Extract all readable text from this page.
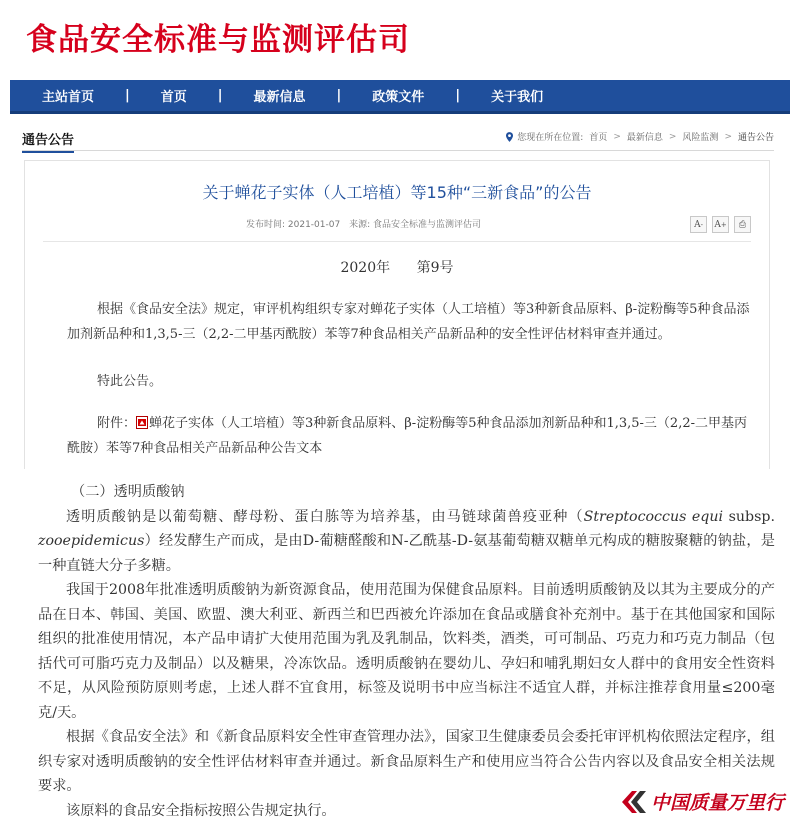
食品安全标准与监测评估司
主站首页 | 首页 | 最新信息 | 政策文件 | 关于我们
通告公告	您现在所在位置: 首页 > 最新信息 > 风险监测 > 通告公告
关于蝉花子实体（人工培植）等15种“三新食品”的公告
发布时间: 2021-01-07 来源: 食品安全标准与监测评估司	A - A + ⎙
2020年 第9号
根据《食品安全法》规定，审评机构组织专家对蝉花子实体（人工培植）等3种新食品原料、β-淀粉酶等5种食品添加剂新品种和1,3,5-三（2,2-二甲基丙酰胺）苯等7种食品相关产品新品种的安全性评估材料审查并通过。
特此公告。
附件： 蝉花子实体（人工培植）等3种新食品原料、β-淀粉酶等5种食品添加剂新品种和1,3,5-三（2,2-二甲基丙酰胺）苯等7种食品相关产品新品种公告文本
（二）透明质酸钠
透明质酸钠是以葡萄糖、酵母粉、蛋白胨等为培养基，由马链球菌兽疫亚种（Streptococcus equi subsp. zooepidemicus）经发酵生产而成，是由D-葡糖醛酸和N-乙酰基-D-氨基葡萄糖双糖单元构成的糖胺聚糖的钠盐，是一种直链大分子多糖。
我国于2008年批准透明质酸钠为新资源食品，使用范围为保健食品原料。目前透明质酸钠及以其为主要成分的产品在日本、韩国、美国、欧盟、澳大利亚、新西兰和巴西被允许添加在食品或膳食补充剂中。基于在其他国家和国际组织的批准使用情况，本产品申请扩大使用范围为乳及乳制品，饮料类，酒类，可可制品、巧克力和巧克力制品（包括代可可脂巧克力及制品）以及糖果，冷冻饮品。透明质酸钠在婴幼儿、孕妇和哺乳期妇女人群中的食用安全性资料不足，从风险预防原则考虑，上述人群不宜食用，标签及说明书中应当标注不适宜人群，并标注推荐食用量≤200毫克/天。
根据《食品安全法》和《新食品原料安全性审查管理办法》，国家卫生健康委员会委托审评机构依照法定程序，组织专家对透明质酸钠的安全性评估材料审查并通过。新食品原料生产和使用应当符合公告内容以及食品安全相关法规要求。
该原料的食品安全指标按照公告规定执行。	中国质量万里行
